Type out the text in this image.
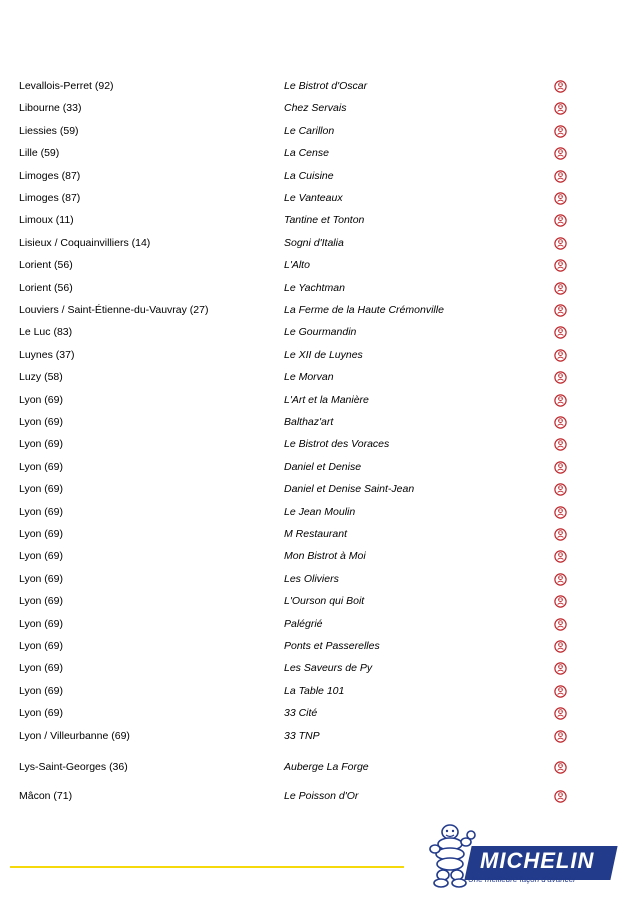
Levallois-Perret (92)	Le Bistrot d'Oscar
Libourne (33)	Chez Servais
Liessies (59)	Le Carillon
Lille (59)	La Cense
Limoges (87)	La Cuisine
Limoges (87)	Le Vanteaux
Limoux (11)	Tantine et Tonton
Lisieux / Coquainvilliers (14)	Sogni d'Italia
Lorient (56)	L'Alto
Lorient (56)	Le Yachtman
Louviers / Saint-Étienne-du-Vauvray (27)	La Ferme de la Haute Crémonville
Le Luc (83)	Le Gourmandin
Luynes (37)	Le XII de Luynes
Luzy (58)	Le Morvan
Lyon (69)	L'Art et la Manière
Lyon (69)	Balthaz'art
Lyon (69)	Le Bistrot des Voraces
Lyon (69)	Daniel et Denise
Lyon (69)	Daniel et Denise Saint-Jean
Lyon (69)	Le Jean Moulin
Lyon (69)	M Restaurant
Lyon (69)	Mon Bistrot à Moi
Lyon (69)	Les Oliviers
Lyon (69)	L'Ourson qui Boit
Lyon (69)	Palégrié
Lyon (69)	Ponts et Passerelles
Lyon (69)	Les Saveurs de Py
Lyon (69)	La Table 101
Lyon (69)	33 Cité
Lyon / Villeurbanne (69)	33 TNP
Lys-Saint-Georges (36)	Auberge La Forge
Mâcon (71)	Le Poisson d'Or
MICHELIN
Une meilleure façon d'avancer
